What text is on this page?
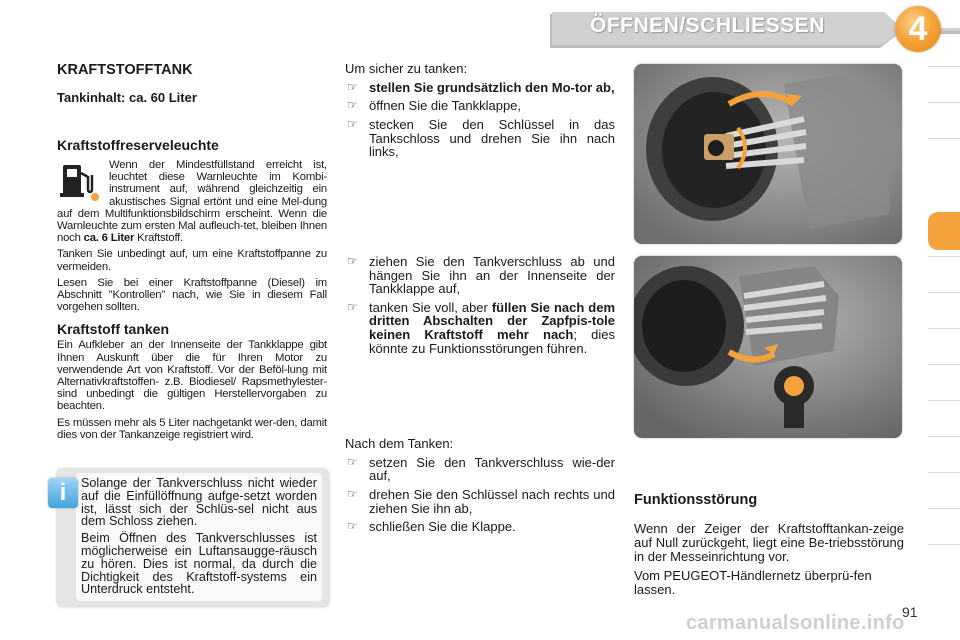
ÖFFNEN/SCHLIESSEN	4
KRAFTSTOFFTANK
Tankinhalt: ca. 60 Liter
Kraftstoffreserveleuchte

Wenn der Mindestfüllstand erreicht ist, leuchtet diese Warnleuchte im Kombi-instrument auf, während gleichzeitig ein akustisches Signal ertönt und eine Mel-dung auf dem Multifunktionsbildschirm erscheint. Wenn die Warnleuchte zum ersten Mal aufleuch-tet, bleiben Ihnen noch ca. 6 Liter Kraftstoff.

Tanken Sie unbedingt auf, um eine Kraftstoffpanne zu vermeiden.

Lesen Sie bei einer Kraftstoffpanne (Diesel) im Abschnitt "Kontrollen" nach, wie Sie in diesem Fall vorgehen sollten.

Kraftstoff tanken

Ein Aufkleber an der Innenseite der Tankklappe gibt Ihnen Auskunft über die für Ihren Motor zu verwendende Art von Kraftstoff. Vor der Beföl-lung mit Alternativkraftstoffen- z.B. Biodiesel/ Rapsmethylester- sind unbedingt die gültigen Herstellervorgaben zu beachten.

Es müssen mehr als 5 Liter nachgetankt wer-den, damit dies von der Tankanzeige registriert wird.

Solange der Tankverschluss nicht wieder auf die Einfüllöffnung aufge-setzt worden ist, lässt sich der Schlüs-sel nicht aus dem Schloss ziehen.

Beim Öffnen des Tankverschlusses ist möglicherweise ein Luftansaugge-räusch zu hören. Dies ist normal, da durch die Dichtigkeit des Kraftstoff-systems ein Unterdruck entsteht.

i

Um sicher zu tanken:

☞ stellen Sie grundsätzlich den Mo-tor ab,
☞ öffnen Sie die Tankklappe,
☞ stecken Sie den Schlüssel in das Tankschloss und drehen Sie ihn nach links,
☞ ziehen Sie den Tankverschluss ab und hängen Sie ihn an der Innenseite der Tankklappe auf,
☞ tanken Sie voll, aber füllen Sie nach dem dritten Abschalten der Zapfpis-tole keinen Kraftstoff mehr nach; dies könnte zu Funktionsstörungen führen.

Nach dem Tanken:

☞ setzen Sie den Tankverschluss wie-der auf,
☞ drehen Sie den Schlüssel nach rechts und ziehen Sie ihn ab,
☞ schließen Sie die Klappe.
Funktionsstörung

Wenn der Zeiger der Kraftstofftankan-zeige auf Null zurückgeht, liegt eine Be-triebsstörung in der Messeinrichtung vor.

Vom PEUGEOT-Händlernetz überprü-fen lassen.

carmanualsonline.info
91
